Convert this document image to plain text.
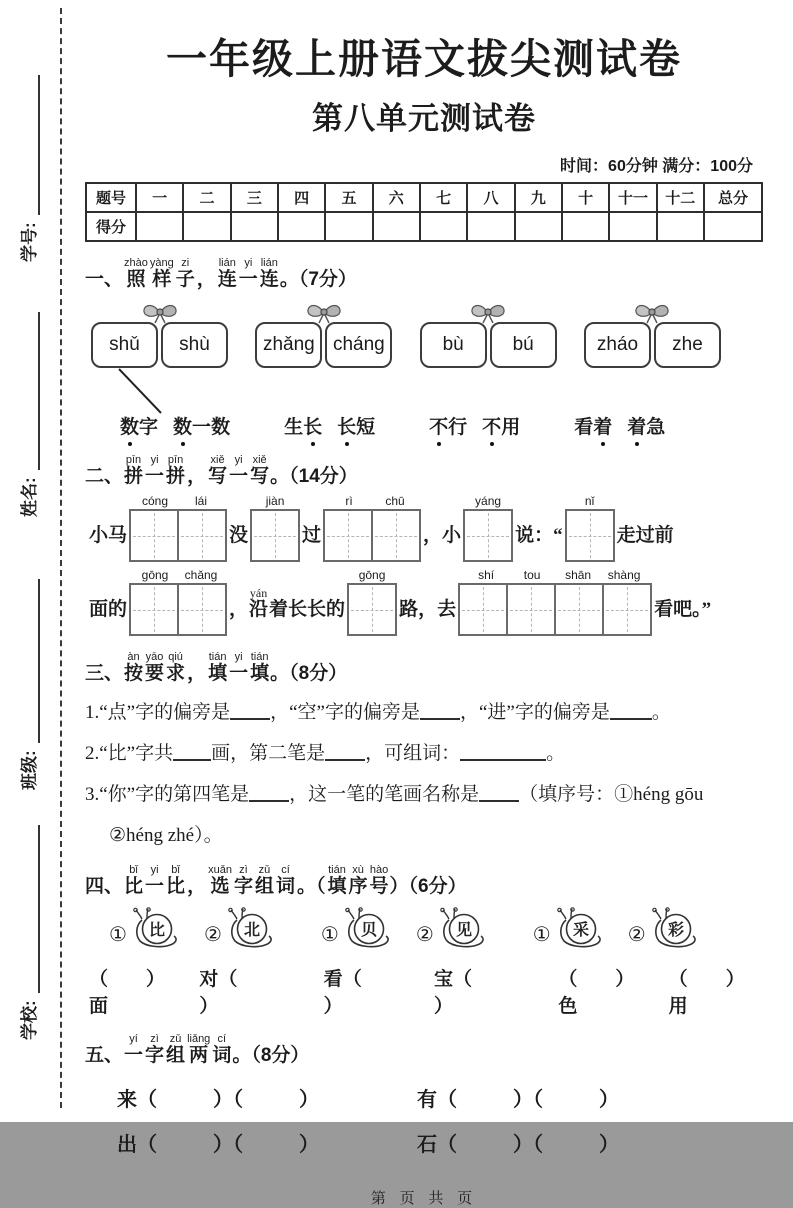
学号:
姓名:
班级:
学校:
一年级上册语文拔尖测试卷
第八单元测试卷
时间：60分钟 满分：100分
题号	一	二	三	四	五	六	七	八	九	十	十一	十二	总分
得分													
一、
zhào
照
yàng
样
zi
子 ，
lián
连
yi
一
lián
连 。（7分）
shǔ	shù	zhǎng cháng	bù	bú	zháo	zhe
数字 数一数	生长 长短	不行 不用	看着 着急
二、
pīn
拼
yi
一
pīn
拼 ，
xiě
写
yi
一
xiě
写 。（14分）
小马
cóng	lái
没
jiàn
过
rì	chū
，小
yáng
说：“
nǐ
走过前
面的
gōng	chǎng
，
yán
沿 着长长的
gōng
路，去
shí	tou	shān	shàng
看吧。”
三、
àn
按
yāo
要
qiú
求 ，
tián
填
yi
一
tián
填 。（8分）
1.“点”字的偏旁是 ，“空”字的偏旁是 ，“进”字的偏旁是 。
2.“比”字共 画，第二笔是 ，可组词：	。
3.“你”字的第四笔是 ，这一笔的笔画名称是 （填序号：①héng gōu
②héng zhé）。
四、
bǐ
比
yi
一
bǐ
比 ，
xuǎn
选
zì
字
zǔ
组
cí
词 。（
tián
填
xù
序
hào
号 ）（6分）
① 比 ② 北	① 贝 ② 见	① 采 ② 彩
（ ）面
对（）
看（）
宝（）
（ ）色
（ ）用
五、
yí
一
zì
字
zǔ
组
liǎng
两
cí
词 。（8分）
来（	）（	）	有（	）（	）
出（	）（	）	石（	）（	）
第 页 共 页
